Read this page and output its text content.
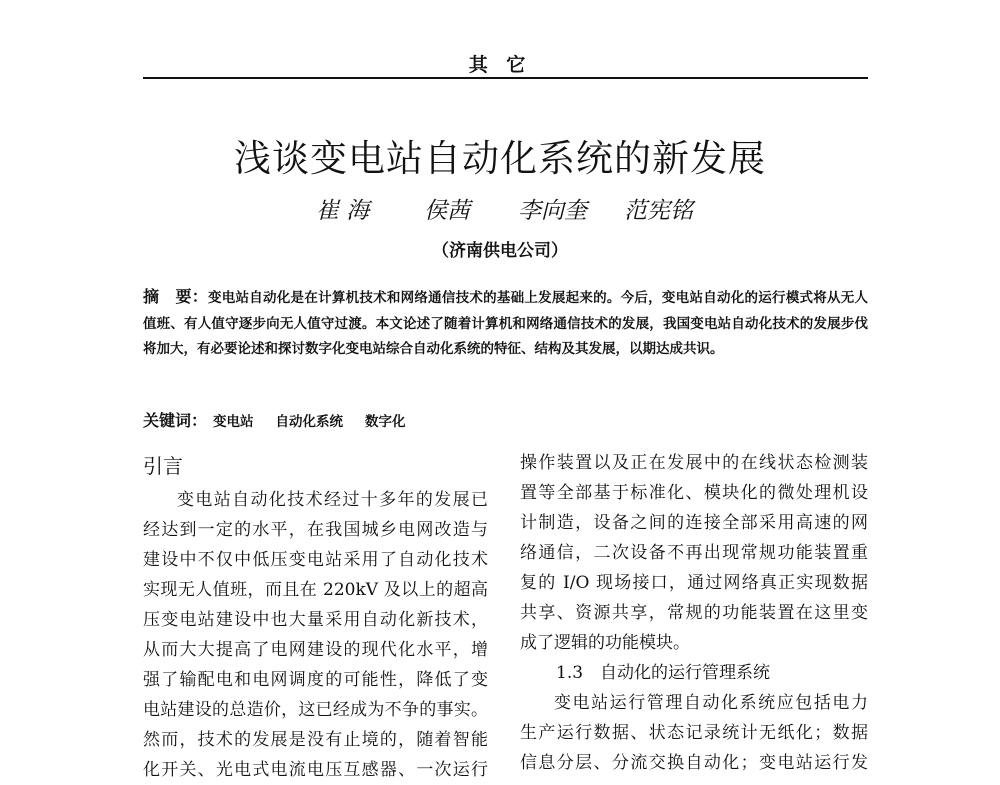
其 它
浅谈变电站自动化系统的新发展
崔 海 侯茜 李向奎 范宪铭
（济南供电公司）
摘　要：变电站自动化是在计算机技术和网络通信技术的基础上发展起来的。今后，变电站自动化的运行模式将从无人值班、有人值守逐步向无人值守过渡。本文论述了随着计算机和网络通信技术的发展，我国变电站自动化技术的发展步伐将加大，有必要论述和探讨数字化变电站综合自动化系统的特征、结构及其发展，以期达成共识。
关键词： 变电站 自动化系统 数字化
引言
变电站自动化技术经过十多年的发展已
经达到一定的水平，在我国城乡电网改造与
建设中不仅中低压变电站采用了自动化技术
实现无人值班，而且在 220kV 及以上的超高
压变电站建设中也大量采用自动化新技术，
从而大大提高了电网建设的现代化水平，增
强了输配电和电网调度的可能性，降低了变
电站建设的总造价，这已经成为不争的事实。
然而，技术的发展是没有止境的，随着智能
化开关、光电式电流电压互感器、一次运行
操作装置以及正在发展中的在线状态检测装
置等全部基于标准化、模块化的微处理机设
计制造，设备之间的连接全部采用高速的网
络通信，二次设备不再出现常规功能装置重
复的 I/O 现场接口，通过网络真正实现数据
共享、资源共享，常规的功能装置在这里变
成了逻辑的功能模块。
1.3　自动化的运行管理系统
变电站运行管理自动化系统应包括电力
生产运行数据、状态记录统计无纸化；数据
信息分层、分流交换自动化；变电站运行发
